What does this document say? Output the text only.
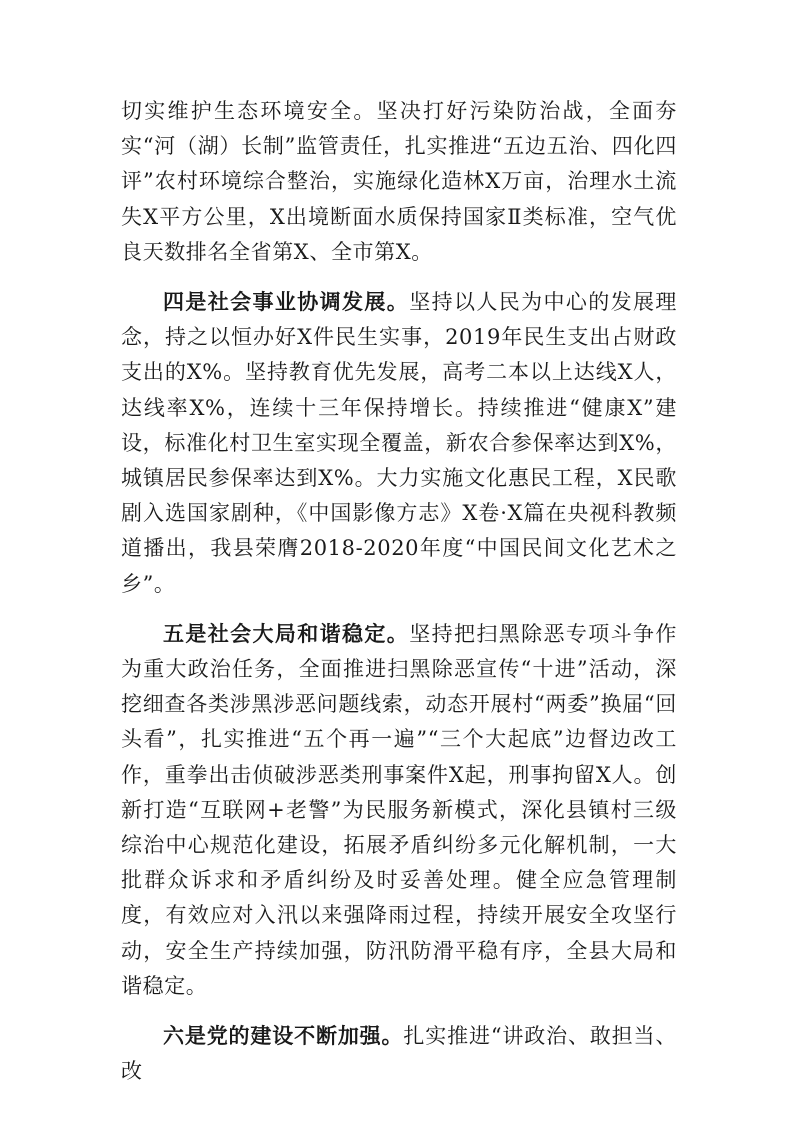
切实维护生态环境安全。坚决打好污染防治战，全面夯实“河（湖）长制”监管责任，扎实推进“五边五治、四化四评”农村环境综合整治，实施绿化造林X万亩，治理水土流失X平方公里，X出境断面水质保持国家Ⅱ类标准，空气优良天数排名全省第X、全市第X。

四是社会事业协调发展。坚持以人民为中心的发展理念，持之以恒办好X件民生实事，2019年民生支出占财政支出的X%。坚持教育优先发展，高考二本以上达线X人，达线率X%，连续十三年保持增长。持续推进“健康X”建设，标准化村卫生室实现全覆盖，新农合参保率达到X%，城镇居民参保率达到X%。大力实施文化惠民工程，X民歌剧入选国家剧种，《中国影像方志》X卷·X篇在央视科教频道播出，我县荣膺2018-2020年度“中国民间文化艺术之乡”。

五是社会大局和谐稳定。坚持把扫黑除恶专项斗争作为重大政治任务，全面推进扫黑除恶宣传“十进”活动，深挖细查各类涉黑涉恶问题线索，动态开展村“两委”换届“回头看”，扎实推进“五个再一遍”“三个大起底”边督边改工作，重拳出击侦破涉恶类刑事案件X起，刑事拘留X人。创新打造“互联网+老警”为民服务新模式，深化县镇村三级综治中心规范化建设，拓展矛盾纠纷多元化解机制，一大批群众诉求和矛盾纠纷及时妥善处理。健全应急管理制度，有效应对入汛以来强降雨过程，持续开展安全攻坚行动，安全生产持续加强，防汛防滑平稳有序，全县大局和谐稳定。

六是党的建设不断加强。扎实推进“讲政治、敢担当、改
